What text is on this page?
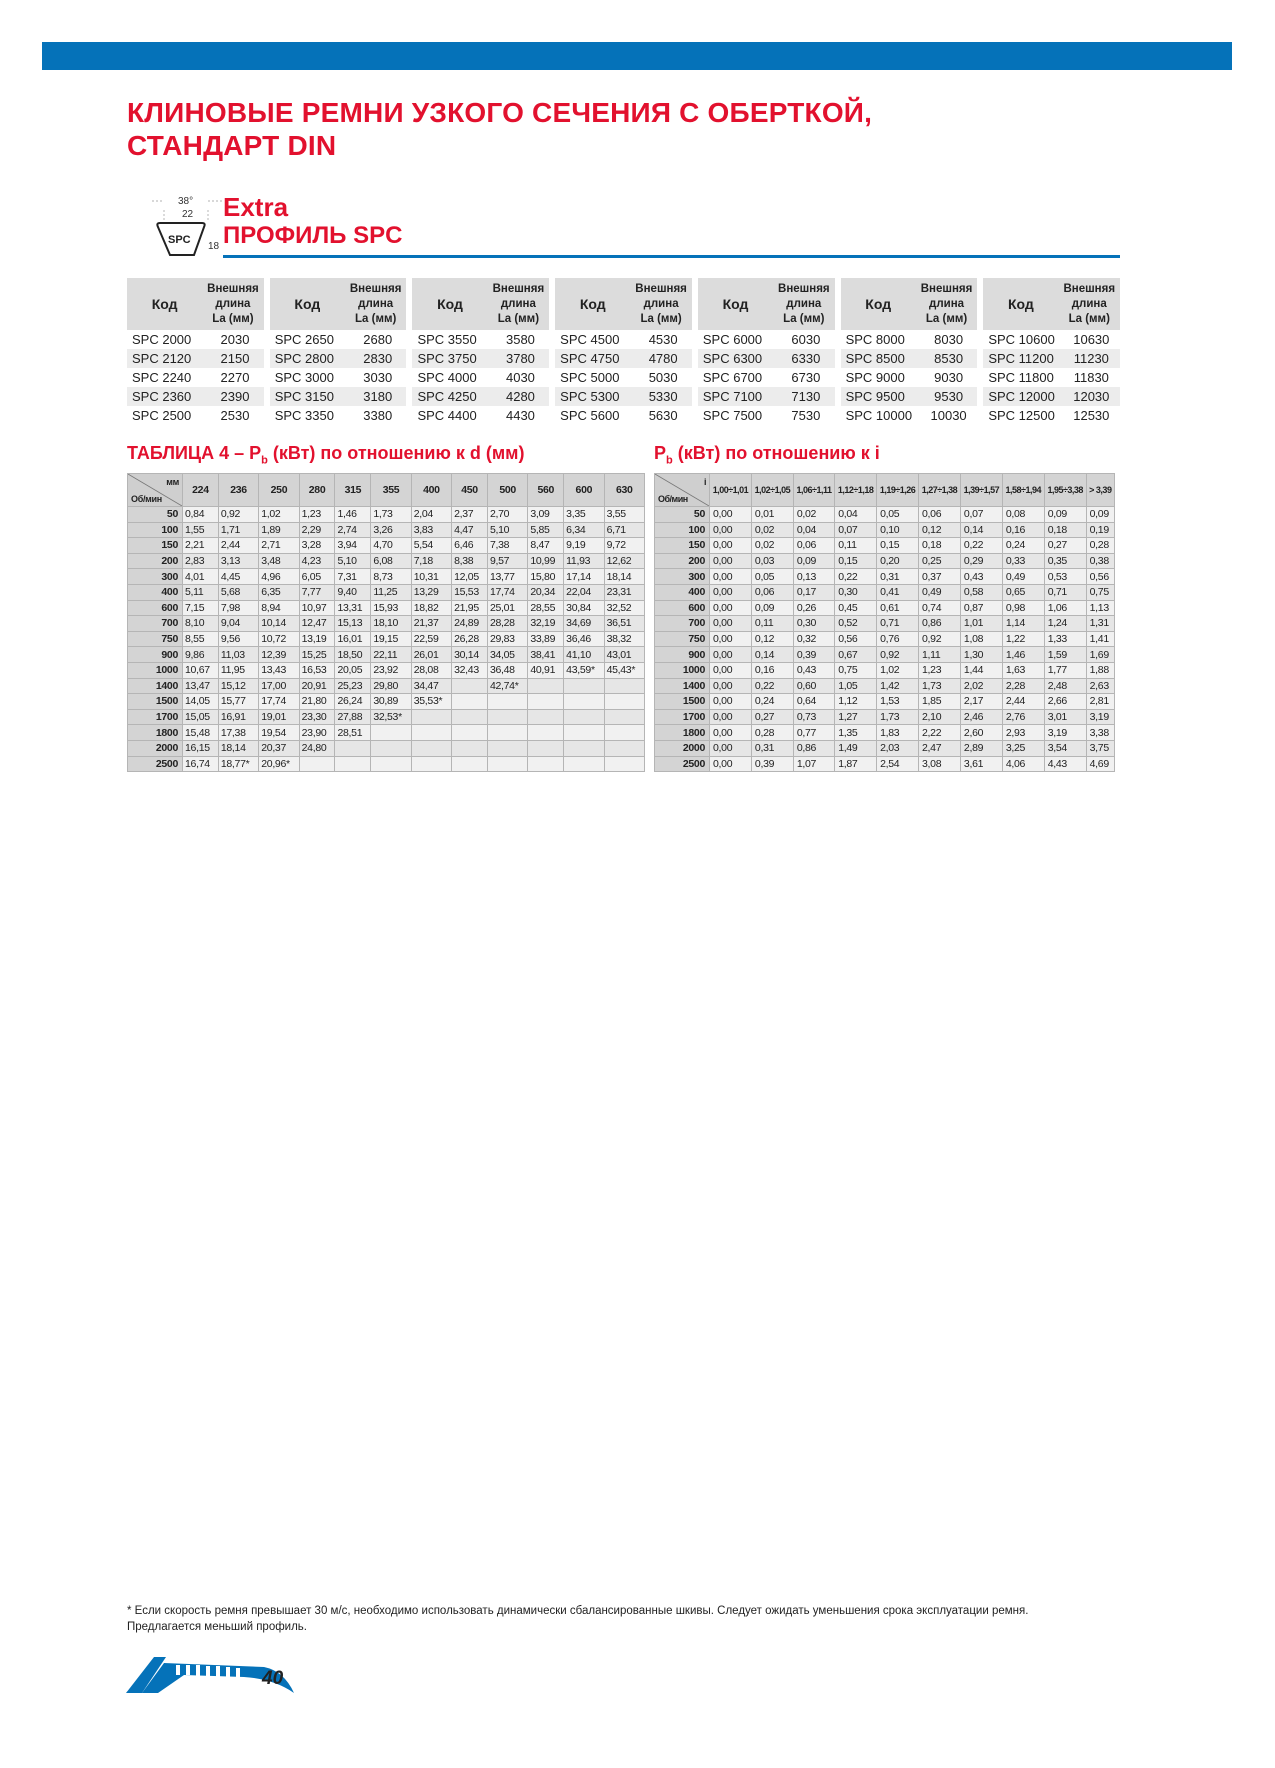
КЛИНОВЫЕ РЕМНИ УЗКОГО СЕЧЕНИЯ С ОБЕРТКОЙ,
СТАНДАРТ DIN
38°
22
SPC
18
Extra
ПРОФИЛЬ SPC
Код
Внешняя
длина
La (мм)
SPC 2000	2030
SPC 2120	2150
SPC 2240	2270
SPC 2360	2390
SPC 2500	2530
Код
Внешняя
длина
La (мм)
SPC 2650	2680
SPC 2800	2830
SPC 3000	3030
SPC 3150	3180
SPC 3350	3380
Код
Внешняя
длина
La (мм)
SPC 3550	3580
SPC 3750	3780
SPC 4000	4030
SPC 4250	4280
SPC 4400	4430
Код
Внешняя
длина
La (мм)
SPC 4500	4530
SPC 4750	4780
SPC 5000	5030
SPC 5300	5330
SPC 5600	5630
Код
Внешняя
длина
La (мм)
SPC 6000	6030
SPC 6300	6330
SPC 6700	6730
SPC 7100	7130
SPC 7500	7530
Код
Внешняя
длина
La (мм)
SPC 8000	8030
SPC 8500	8530
SPC 9000	9030
SPC 9500	9530
SPC 10000	10030
Код
Внешняя
длина
La (мм)
SPC 10600	10630
SPC 11200	11230
SPC 11800	11830
SPC 12000	12030
SPC 12500	12530
ТАБЛИЦА $4 - P_b$ (кВт) по отношению к d (мм)	$P_b$ (кВт) по отношению к i
мм
Об/мин	224	236	250	280	315	355	400	450	500	560	600	630
50	0,84	0,92	1,02	1,23	1,46	1,73	2,04	2,37	2,70	3,09	3,35	3,55
100	1,55	1,71	1,89	2,29	2,74	3,26	3,83	4,47	5,10	5,85	6,34	6,71
150	2,21	2,44	2,71	3,28	3,94	4,70	5,54	6,46	7,38	8,47	9,19	9,72
200	2,83	3,13	3,48	4,23	5,10	6,08	7,18	8,38	9,57	10,99	11,93	12,62
300	4,01	4,45	4,96	6,05	7,31	8,73	10,31	12,05	13,77	15,80	17,14	18,14
400	5,11	5,68	6,35	7,77	9,40	11,25	13,29	15,53	17,74	20,34	22,04	23,31
600	7,15	7,98	8,94	10,97	13,31	15,93	18,82	21,95	25,01	28,55	30,84	32,52
700	8,10	9,04	10,14	12,47	15,13	18,10	21,37	24,89	28,28	32,19	34,69	36,51
750	8,55	9,56	10,72	13,19	16,01	19,15	22,59	26,28	29,83	33,89	36,46	38,32
900	9,86	11,03	12,39	15,25	18,50	22,11	26,01	30,14	34,05	38,41	41,10	43,01
1000	10,67	11,95	13,43	16,53	20,05	23,92	28,08	32,43	36,48	40,91	43,59*	45,43*
1400	13,47	15,12	17,00	20,91	25,23	29,80	34,47		42,74*			
1500	14,05	15,77	17,74	21,80	26,24	30,89	35,53*					
1700	15,05	16,91	19,01	23,30	27,88	32,53*						
1800	15,48	17,38	19,54	23,90	28,51							
2000	16,15	18,14	20,37	24,80								
2500	16,74	18,77*	20,96*									
i
Об/мин	1,00÷1,01	1,02÷1,05	1,06÷1,11	1,12÷1,18	1,19÷1,26	1,27÷1,38	1,39÷1,57	1,58÷1,94	1,95÷3,38	> 3,39
50	0,00	0,01	0,02	0,04	0,05	0,06	0,07	0,08	0,09	0,09
100	0,00	0,02	0,04	0,07	0,10	0,12	0,14	0,16	0,18	0,19
150	0,00	0,02	0,06	0,11	0,15	0,18	0,22	0,24	0,27	0,28
200	0,00	0,03	0,09	0,15	0,20	0,25	0,29	0,33	0,35	0,38
300	0,00	0,05	0,13	0,22	0,31	0,37	0,43	0,49	0,53	0,56
400	0,00	0,06	0,17	0,30	0,41	0,49	0,58	0,65	0,71	0,75
600	0,00	0,09	0,26	0,45	0,61	0,74	0,87	0,98	1,06	1,13
700	0,00	0,11	0,30	0,52	0,71	0,86	1,01	1,14	1,24	1,31
750	0,00	0,12	0,32	0,56	0,76	0,92	1,08	1,22	1,33	1,41
900	0,00	0,14	0,39	0,67	0,92	1,11	1,30	1,46	1,59	1,69
1000	0,00	0,16	0,43	0,75	1,02	1,23	1,44	1,63	1,77	1,88
1400	0,00	0,22	0,60	1,05	1,42	1,73	2,02	2,28	2,48	2,63
1500	0,00	0,24	0,64	1,12	1,53	1,85	2,17	2,44	2,66	2,81
1700	0,00	0,27	0,73	1,27	1,73	2,10	2,46	2,76	3,01	3,19
1800	0,00	0,28	0,77	1,35	1,83	2,22	2,60	2,93	3,19	3,38
2000	0,00	0,31	0,86	1,49	2,03	2,47	2,89	3,25	3,54	3,75
2500	0,00	0,39	1,07	1,87	2,54	3,08	3,61	4,06	4,43	4,69
* Если скорость ремня превышает 30 м/с, необходимо использовать динамически сбалансированные шкивы. Следует ожидать уменьшения срока эксплуатации ремня. Предлагается меньший профиль.
40
